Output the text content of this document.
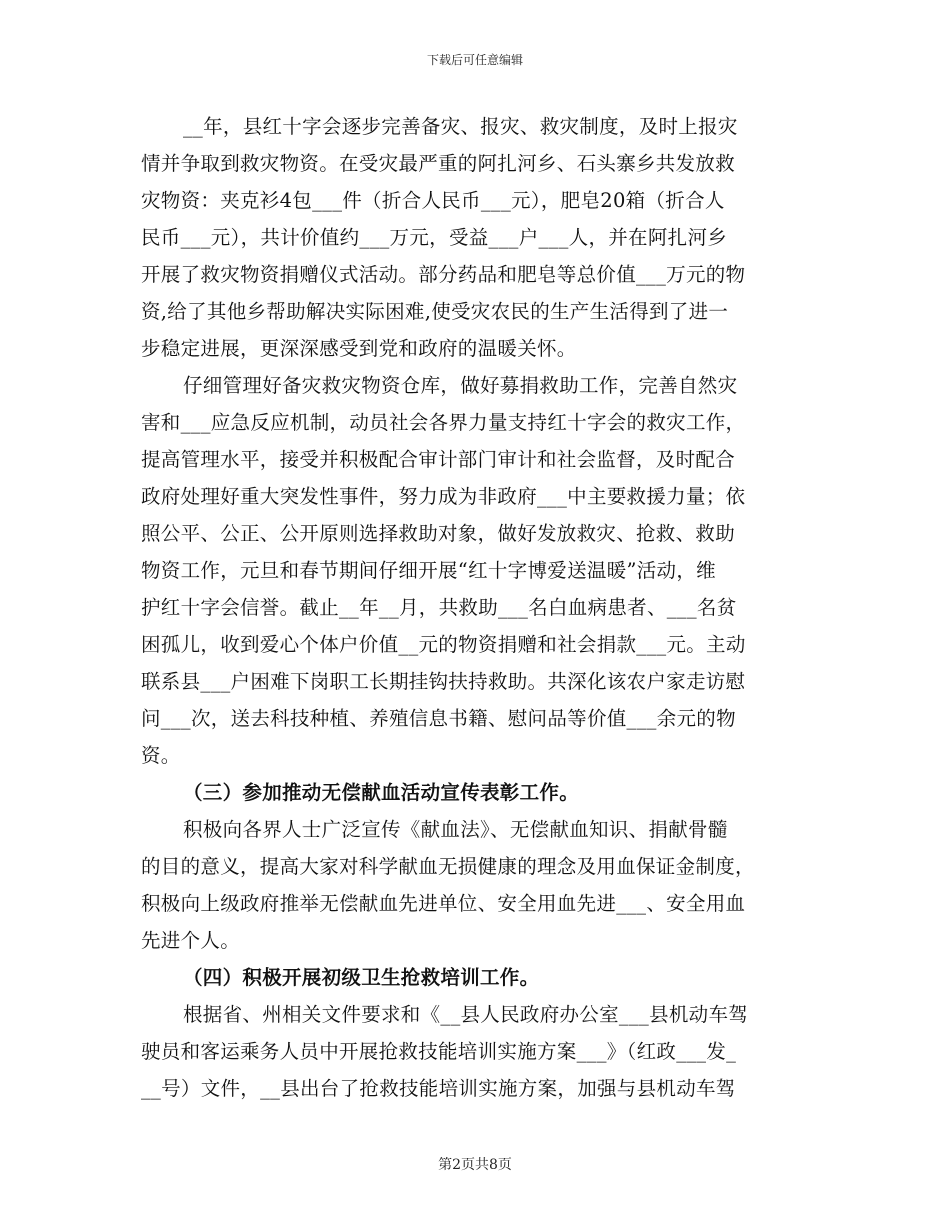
下载后可任意编辑
__年，县红十字会逐步完善备灾、报灾、救灾制度，及时上报灾
情并争取到救灾物资。在受灾最严重的阿扎河乡、石头寨乡共发放救
灾物资：夹克衫4包___件（折合人民币___元），肥皂20箱（折合人
民币___元），共计价值约___万元，受益___户___人，并在阿扎河乡
开展了救灾物资捐赠仪式活动。部分药品和肥皂等总价值___万元的物
资,给了其他乡帮助解决实际困难,使受灾农民的生产生活得到了进一
步稳定进展，更深深感受到党和政府的温暖关怀。
仔细管理好备灾救灾物资仓库，做好募捐救助工作，完善自然灾
害和___应急反应机制，动员社会各界力量支持红十字会的救灾工作，
提高管理水平，接受并积极配合审计部门审计和社会监督，及时配合
政府处理好重大突发性事件，努力成为非政府___中主要救援力量；依
照公平、公正、公开原则选择救助对象，做好发放救灾、抢救、救助
物资工作，元旦和春节期间仔细开展“红十字博爱送温暖”活动，维
护红十字会信誉。截止__年__月，共救助___名白血病患者、___名贫
困孤儿，收到爱心个体户价值__元的物资捐赠和社会捐款___元。主动
联系县___户困难下岗职工长期挂钩扶持救助。共深化该农户家走访慰
问___次，送去科技种植、养殖信息书籍、慰问品等价值___余元的物
资。
（三）参加推动无偿献血活动宣传表彰工作。
积极向各界人士广泛宣传《献血法》、无偿献血知识、捐献骨髓
的目的意义，提高大家对科学献血无损健康的理念及用血保证金制度，
积极向上级政府推举无偿献血先进单位、安全用血先进___、安全用血
先进个人。
（四）积极开展初级卫生抢救培训工作。
根据省、州相关文件要求和《__县人民政府办公室___县机动车驾
驶员和客运乘务人员中开展抢救技能培训实施方案___》（红政___发_
__号）文件，__县出台了抢救技能培训实施方案，加强与县机动车驾
第2页共8页
